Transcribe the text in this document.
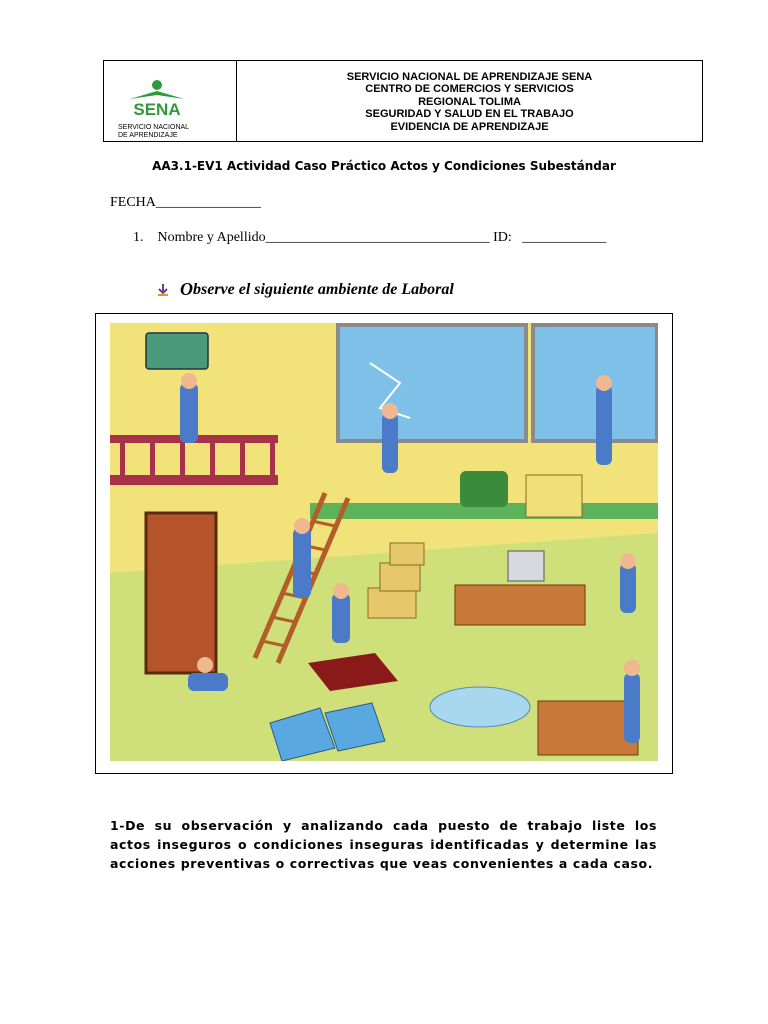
SENA
SERVICIO NACIONAL
DE APRENDIZAJE
SERVICIO NACIONAL DE APRENDIZAJE SENA
CENTRO DE COMERCIOS Y SERVICIOS
REGIONAL TOLIMA
SEGURIDAD Y SALUD EN EL TRABAJO
EVIDENCIA DE APRENDIZAJE
AA3.1-EV1 Actividad Caso Práctico Actos y Condiciones Subestándar
FECHA_______________
1. Nombre y Apellido________________________________ ID: ____________
O bserve el siguiente ambiente de Laboral
1-De su observación y analizando cada puesto de trabajo liste los actos inseguros o condiciones inseguras identificadas y determine las acciones preventivas o correctivas que veas convenientes a cada caso.
